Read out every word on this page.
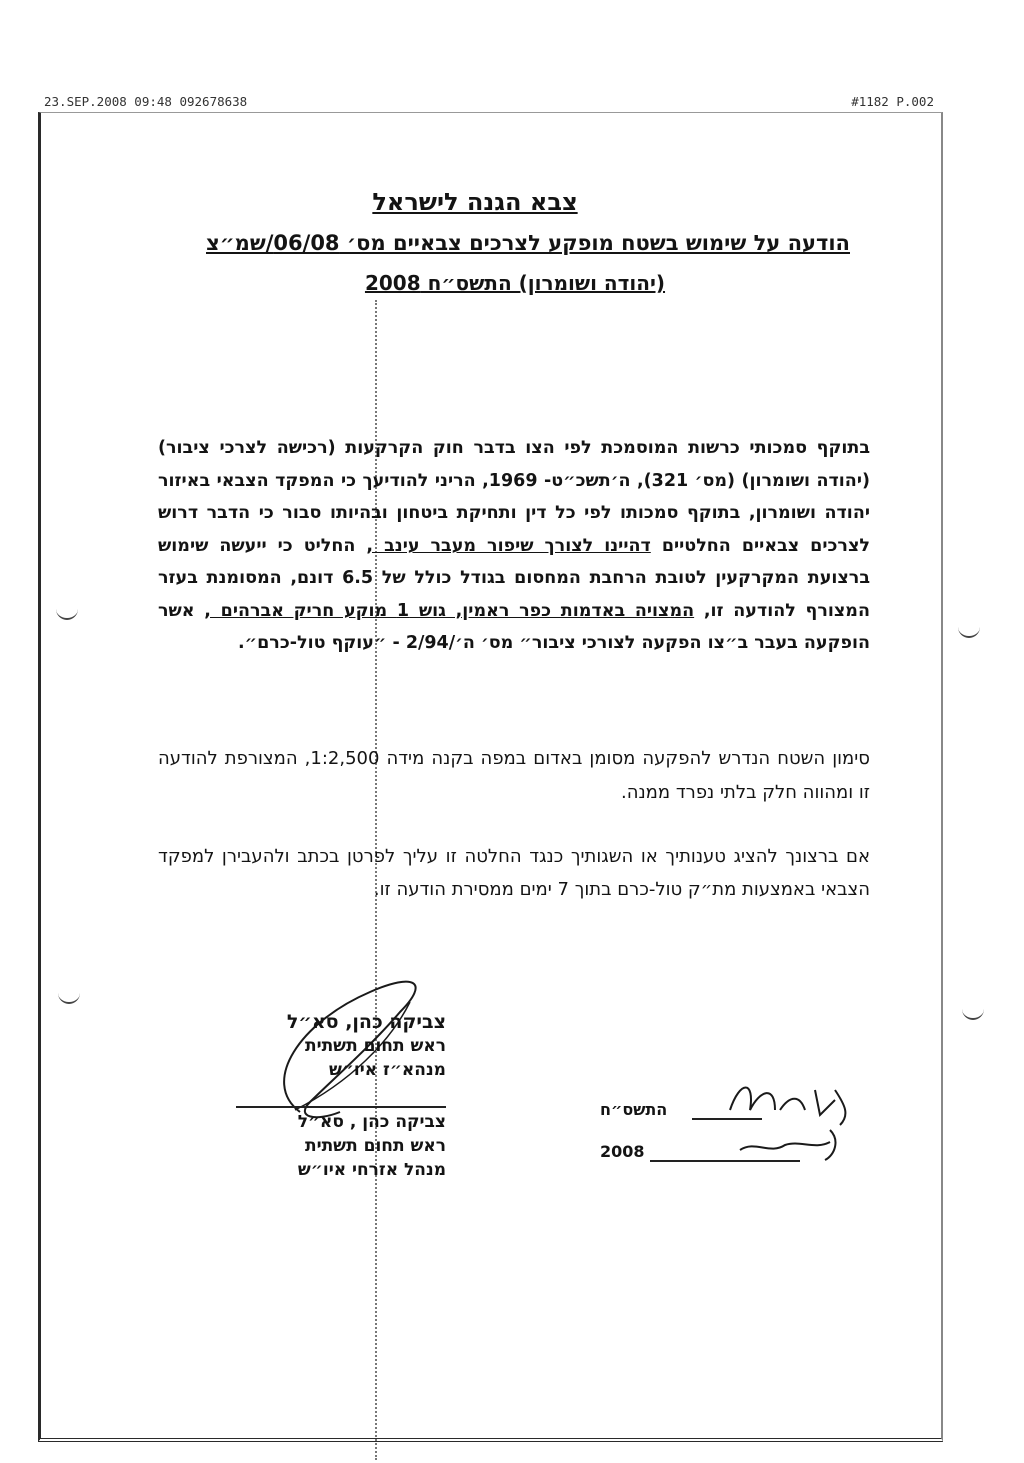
23.SEP.2008 09:48 092678638	#1182 P.002
צבא הגנה לישראל
הודעה על שימוש בשטח מופקע לצרכים צבאיים מס׳ 06/08/שמ״צ
(יהודה ושומרון) התשס״ח 2008
בתוקף סמכותי כרשות המוסמכת לפי הצו בדבר חוק הקרקעות (רכישה לצרכי ציבור) (יהודה ושומרון) (מס׳ 321), ה׳תשכ״ט- 1969, הריני להודיעך כי המפקד הצבאי באיזור יהודה ושומרון, בתוקף סמכותו לפי כל דין ותחיקת ביטחון ובהיותו סבור כי הדבר דרוש לצרכים צבאיים החלטיים דהיינו לצורך שיפור מעבר עינב , החליט כי ייעשה שימוש ברצועת המקרקעין לטובת הרחבת המחסום בגודל כולל של 6.5 דונם, המסומנת בעזר המצורף להודעה זו, המצויה באדמות כפר ראמין, גוש 1 מוקע חריק אברהים , אשר הופקעה בעבר ב״צו הפקעה לצורכי ציבור״ מס׳ ה׳/2/94 - ״עוקף טול-כרם״.
סימון השטח הנדרש להפקעה מסומן באדום במפה בקנה מידה 1:2,500, המצורפת להודעה זו ומהווה חלק בלתי נפרד ממנה.
אם ברצונך להציג טענותיך או השגותיך כנגד החלטה זו עליך לפרטן בכתב ולהעבירן למפקד הצבאי באמצעות מת״ק טול-כרם בתוך 7 ימים ממסירת הודעה זו.
צביקה כהן, סא״ל
ראש תחום תשתית
מנהא״ז איו״ש
צביקה כהן , סא״ל
ראש תחום תשתית
מנהל אזרחי איו״ש
התשס״ח
2008
